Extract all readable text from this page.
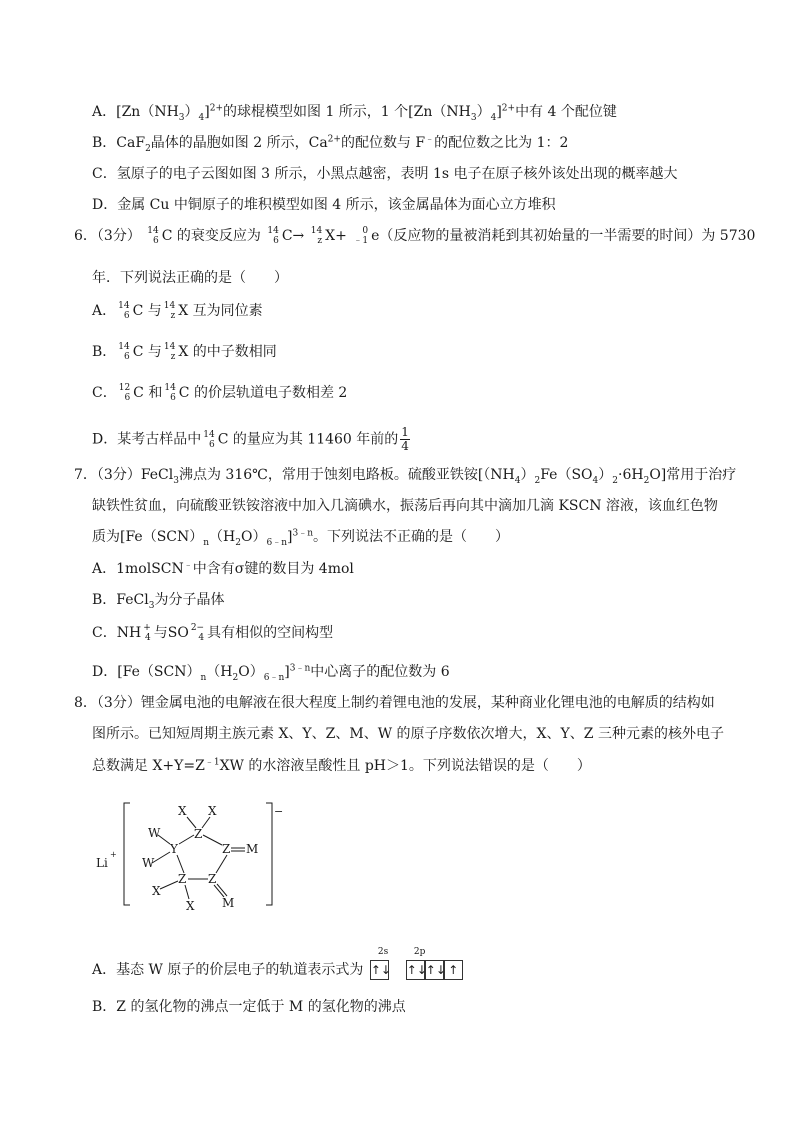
A．$[Zn(NH_3)_4]^{2+}$的球棍模型如图 1 所示，1 个$[Zn(NH_3)_4]^{2+}$中有 4 个配位键
B．CaF$_2$晶体的晶胞如图 2 所示，$Ca^{2+}$的配位数与 F﹣的配位数之比为 1：2
C．氢原子的电子云图如图 3 所示，小黑点越密，表明 1s 电子在原子核外该处出现的概率越大
D．金属 Cu 中铜原子的堆积模型如图 4 所示，该金属晶体为面心立方堆积
6．（3分） 14
6 C 的衰变反应为 14
6 C→ 14
z X+	0
﹣1 e（反应物的量被消耗到其初始量的一半需要的时间）为 5730
年．下列说法正确的是（　　）
A． 14
6 C 与 14
z X 互为同位素
B． 14
6 C 与 14
z X 的中子数相同
C． 12
6 C 和 14
6 C 的价层轨道电子数相差 2
D．某考古样品中 14
6 C 的量应为其 11460 年前的 $\frac{1}{4}$
7．（3分）FeCl$_3$沸点为 316℃，常用于蚀刻电路板。硫酸亚铁铵$[(NH_4)_2Fe(SO_4)_2\cdot 6H_2O]$常用于治疗
缺铁性贫血，向硫酸亚铁铵溶液中加入几滴碘水，振荡后再向其中滴加几滴 KSCN 溶液，该血红色物
质为$[Fe(SCN)_n(H_2O)_{6﹣n}]^{3﹣n}$。下列说法不正确的是（　　）
A．1molSCN﹣中含有σ键的数目为 4mol
B．FeCl$_3$为分子晶体
C．NH +
4 与SO 2−
4 具有相似的空间构型
D．$[Fe(SCN)_n(H_2O)_{6﹣n}]^{3﹣n}$中心离子的配位数为 6
8．（3分）锂金属电池的电解液在很大程度上制约着锂电池的发展，某种商业化锂电池的电解质的结构如
图所示。已知短周期主族元素 X、Y、Z、M、W 的原子序数依次增大，X、Y、Z 三种元素的核外电子
总数满足 $X+Y=Z^{﹣1}XW$ 的水溶液呈酸性且 pH＞1。下列说法错误的是（　　）
Li
+
−
X X
Z
W
Y
W
Z M
Z Z
X
X M
A．基态 W 原子的价层电子的轨道表示式为
2s	2p
↑↓ ↑↓↑↓ ↑
B．Z 的氢化物的沸点一定低于 M 的氢化物的沸点
